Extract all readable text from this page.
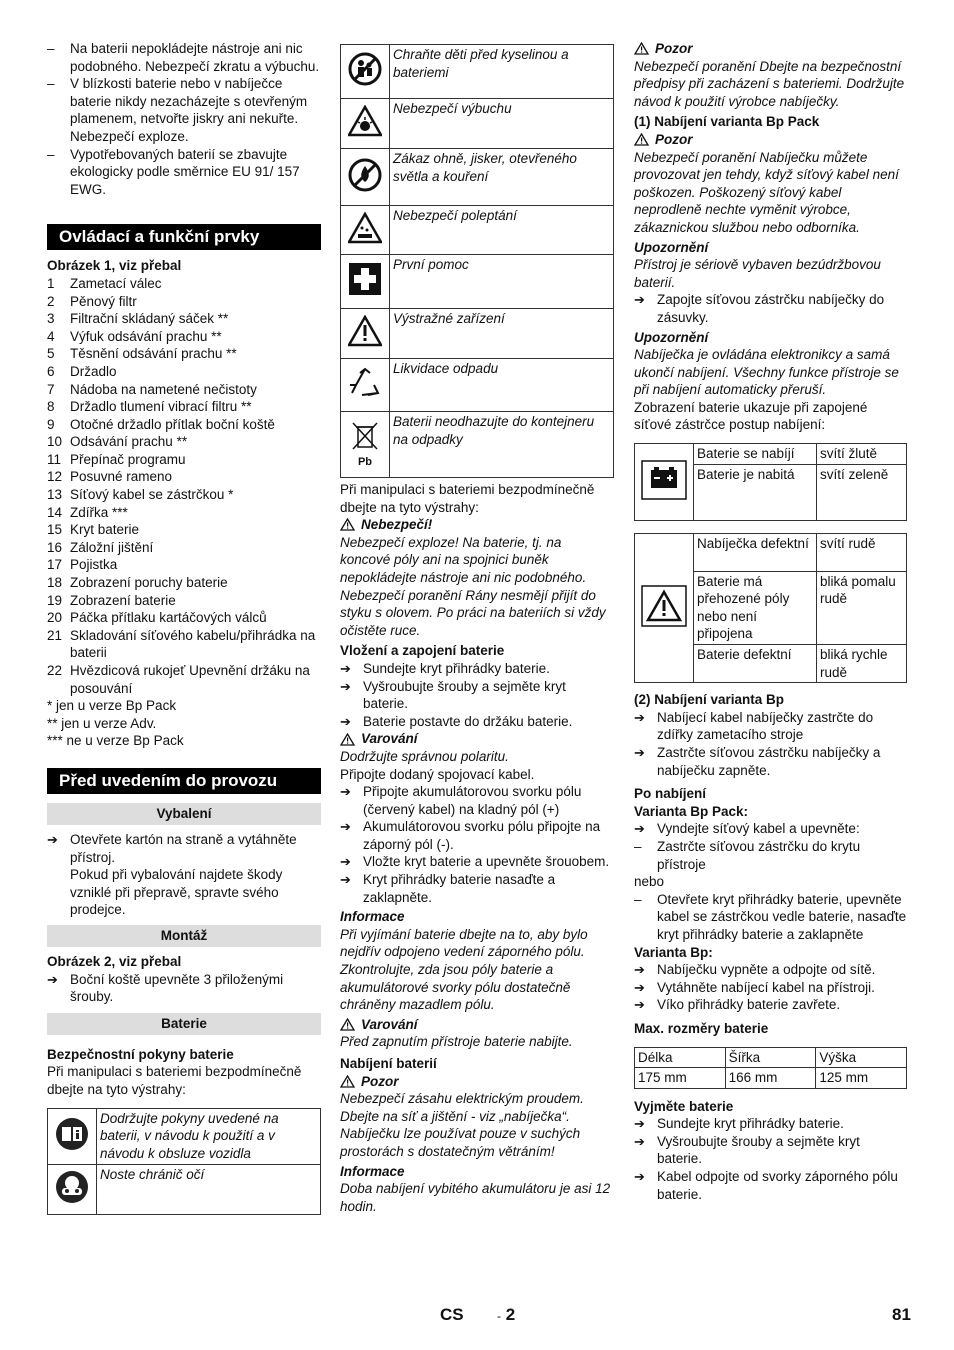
–	Na baterii nepokládejte nástroje ani nic podobného. Nebezpečí zkratu a výbuchu.

–	V blízkosti baterie nebo v nabíječce baterie nikdy nezacházejte s otevřeným plamenem, netvořte jiskry ani nekuřte. Nebezpečí exploze.

–	Vypotřebovaných baterií se zbavujte ekologicky podle směrnice EU 91/ 157 EWG.

Ovládací a funkční prvky

Obrázek 1, viz přebal

1	Zametací válec

2	Pěnový filtr

3	Filtrační skládaný sáček **

4	Výfuk odsávání prachu **

5	Těsnění odsávání prachu **

6	Držadlo

7	Nádoba na nametené nečistoty

8	Držadlo tlumení vibrací filtru **

9	Otočné držadlo přítlak boční koště

10 Odsávání prachu **

11 Přepínač programu

12 Posuvné rameno

13 Síťový kabel se zástrčkou *

14 Zdířka ***

15 Kryt baterie

16 Záložní jištění

17 Pojistka

18 Zobrazení poruchy baterie

19 Zobrazení baterie

20 Páčka přítlaku kartáčových válců

21 Skladování síťového kabelu/přihrádka na baterii

22 Hvězdicová rukojeť Upevnění držáku na posouvání

* jen u verze Bp Pack

** jen u verze Adv.

*** ne u verze Bp Pack

Před uvedením do provozu
Vybalení
➔ Otevřete kartón na straně a vytáhněte přístroj.

Pokud při vybalování najdete škody vzniklé při přepravě, spravte svého prodejce.

Montáž

Obrázek 2, viz přebal

➔ Boční koště upevněte 3 přiloženými šrouby.

Baterie

Bezpečnostní pokyny baterie

Při manipulaci s bateriemi bezpodmínečně dbejte na tyto výstrahy:

	Dodržujte pokyny uvedené na baterii, v návodu k použití a v návodu k obsluze vozidla
	Noste chránič očí
	Chraňte děti před kyselinou a bateriemi
	Nebezpečí výbuchu
	Zákaz ohně, jisker, otevřeného světla a kouření
	Nebezpečí poleptání
	První pomoc
	Výstražné zařízení
	Likvidace odpadu

Pb	Baterii neodhazujte do kontejneru na odpadky

Při manipulaci s bateriemi bezpodmínečně dbejte na tyto výstrahy:

Nebezpečí!

Nebezpečí exploze! Na baterie, tj. na koncové póly ani na spojnici buněk nepokládejte nástroje ani nic podobného.

Nebezpečí poranění Rány nesmějí přijít do styku s olovem. Po práci na bateriích si vždy očistěte ruce.

Vložení a zapojení baterie

➔ Sundejte kryt přihrádky baterie.

➔ Vyšroubujte šrouby a sejměte kryt baterie.

➔ Baterie postavte do držáku baterie.

Varování

Dodržujte správnou polaritu.

Připojte dodaný spojovací kabel.

➔ Připojte akumulátorovou svorku pólu (červený kabel) na kladný pól (+)

➔ Akumulátorovou svorku pólu připojte na záporný pól (-).

➔ Vložte kryt baterie a upevněte šrouobem.

➔ Kryt přihrádky baterie nasaďte a zaklapněte.

Informace

Při vyjímání baterie dbejte na to, aby bylo nejdřív odpojeno vedení záporného pólu. Zkontrolujte, zda jsou póly baterie a akumulátorové svorky pólu dostatečně chráněny mazadlem pólu.

Varování

Před zapnutím přístroje baterie nabijte.

Nabíjení baterií

Pozor

Nebezpečí zásahu elektrickým proudem. Dbejte na síť a jištění - viz „nabíječka“. Nabíječku lze používat pouze v suchých prostorách s dostatečným větráním!

Informace

Doba nabíjení vybitého akumulátoru je asi 12 hodin.

Pozor

Nebezpečí poranění Dbejte na bezpečnostní předpisy při zacházení s bateriemi. Dodržujte návod k použití výrobce nabíječky.

(1) Nabíjení varianta Bp Pack

Pozor

Nebezpečí poranění Nabíječku můžete provozovat jen tehdy, když síťový kabel není poškozen. Poškozený síťový kabel neprodleně nechte vyměnit výrobce, zákaznickou službou nebo odborníka.

Upozornění

Přístroj je sériově vybaven bezúdržbovou baterií.

➔ Zapojte síťovou zástrčku nabíječky do zásuvky.

Upozornění

Nabíječka je ovládána elektronikcy a samá ukončí nabíjení. Všechny funkce přístroje se při nabíjení automaticky přeruší.

Zobrazení baterie ukazuje při zapojené síťové zástrčce postup nabíjení:

	Baterie se nabíjí	svítí žlutě
	Baterie je nabitá	svítí zeleně
	Nabíječka defektní	svítí rudě
	Baterie má přehozené póly nebo není připojena	bliká pomalu rudě
	Baterie defektní	bliká rychle rudě

(2) Nabíjení varianta Bp

➔ Nabíjecí kabel nabíječky zastrčte do zdířky zametacího stroje

➔ Zastrčte síťovou zástrčku nabíječky a nabíječku zapněte.

Po nabíjení

Varianta Bp Pack:

➔ Vyndejte síťový kabel a upevněte:

–	Zastrčte síťovou zástrčku do krytu přístroje

nebo

–	Otevřete kryt přihrádky baterie, upevněte kabel se zástrčkou vedle baterie, nasaďte kryt přihrádky baterie a zaklapněte

Varianta Bp:

➔ Nabíječku vypněte a odpojte od sítě.

➔ Vytáhněte nabíjecí kabel na přístroji.

➔ Víko přihrádky baterie zavřete.

Max. rozměry baterie

Délka	Šířka	Výška
175 mm	166 mm	125 mm

Vyjměte baterie

➔ Sundejte kryt přihrádky baterie.

➔ Vyšroubujte šrouby a sejměte kryt baterie.

➔ Kabel odpojte od svorky záporného pólu baterie.

CS	- 2	81
